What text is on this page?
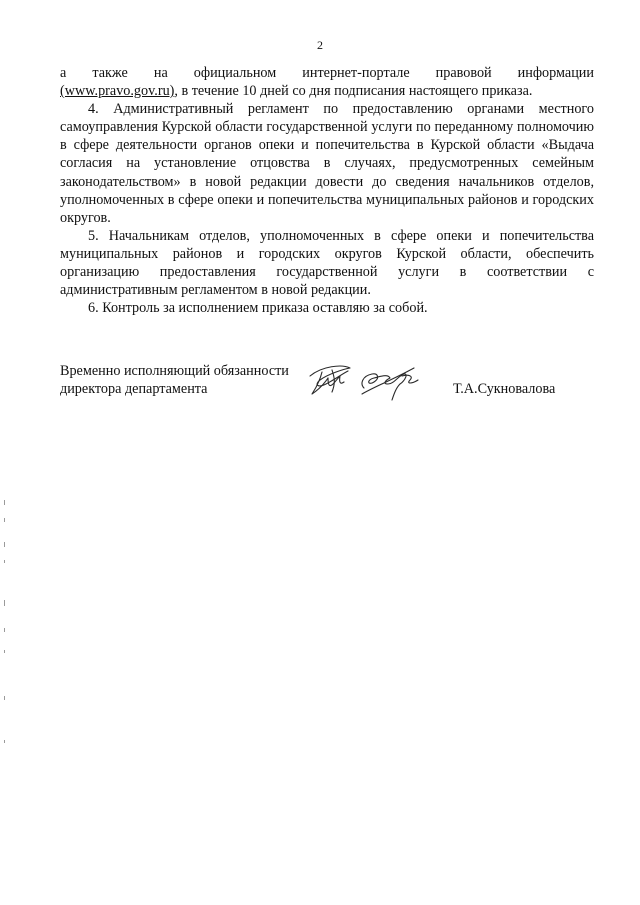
2

а также на официальном интернет-портале правовой информации

(www.pravo.gov.ru), в течение 10 дней со дня подписания настоящего приказа.

4. Административный регламент по предоставлению органами местного самоуправления Курской области государственной услуги по переданному полномочию в сфере деятельности органов опеки и попечительства в Курской области «Выдача согласия на установление отцовства в случаях, предусмотренных семейным законодательством» в новой редакции довести до сведения начальников отделов, уполномоченных в сфере опеки и попечительства муниципальных районов и городских округов.

5. Начальникам отделов, уполномоченных в сфере опеки и попечительства муниципальных районов и городских округов Курской области, обеспечить организацию предоставления государственной услуги в соответствии с административным регламентом в новой редакции.

6. Контроль за исполнением приказа оставляю за собой.

Временно исполняющий обязанности
директора департамента	Т.А.Сукновалова
